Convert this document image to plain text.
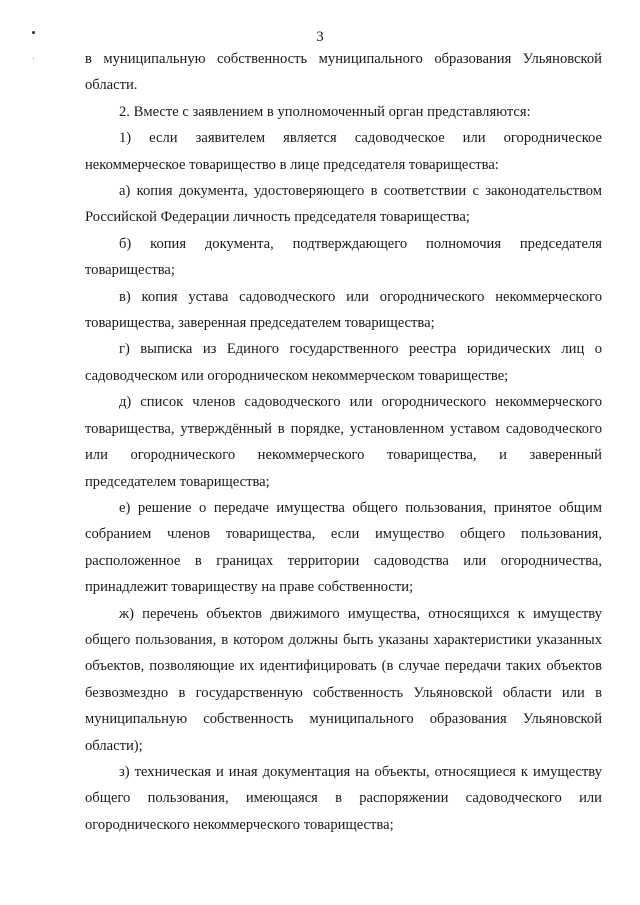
3

в муниципальную собственность муниципального образования Ульяновской области.

2. Вместе с заявлением в уполномоченный орган представляются:

1) если заявителем является садоводческое или огородническое некоммерческое товарищество в лице председателя товарищества:

а) копия документа, удостоверяющего в соответствии с законодательством Российской Федерации личность председателя товарищества;

б) копия документа, подтверждающего полномочия председателя товарищества;

в) копия устава садоводческого или огороднического некоммерческого товарищества, заверенная председателем товарищества;

г) выписка из Единого государственного реестра юридических лиц о садоводческом или огородническом некоммерческом товариществе;

д) список членов садоводческого или огороднического некоммерческого товарищества, утверждённый в порядке, установленном уставом садоводческого или огороднического некоммерческого товарищества, и заверенный председателем товарищества;

е) решение о передаче имущества общего пользования, принятое общим собранием членов товарищества, если имущество общего пользования, расположенное в границах территории садоводства или огородничества, принадлежит товариществу на праве собственности;

ж) перечень объектов движимого имущества, относящихся к имуществу общего пользования, в котором должны быть указаны характеристики указанных объектов, позволяющие их идентифицировать (в случае передачи таких объектов безвозмездно в государственную собственность Ульяновской области или в муниципальную собственность муниципального образования Ульяновской области);

з) техническая и иная документация на объекты, относящиеся к имуществу общего пользования, имеющаяся в распоряжении садоводческого или огороднического некоммерческого товарищества;
